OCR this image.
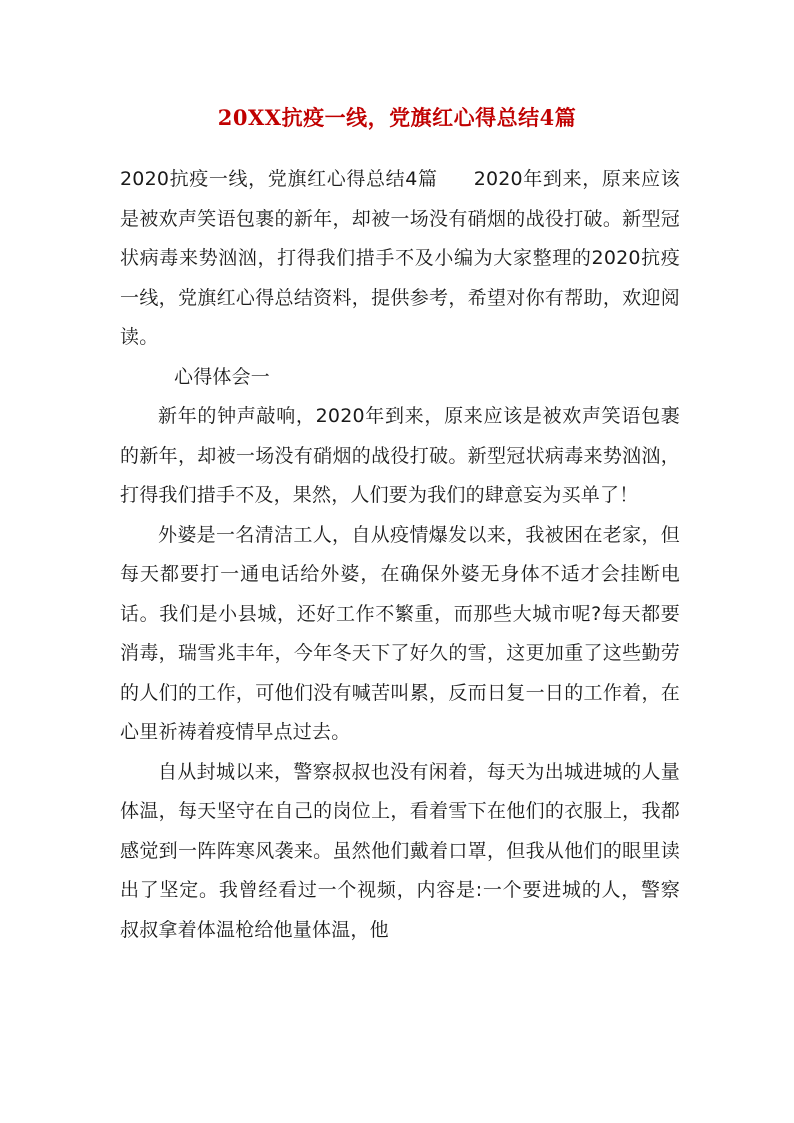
20XX抗疫一线，党旗红心得总结4篇

2020抗疫一线，党旗红心得总结4篇 2020年到来，原来应该是被欢声笑语包裹的新年，却被一场没有硝烟的战役打破。新型冠状病毒来势汹汹，打得我们措手不及小编为大家整理的2020抗疫一线，党旗红心得总结资料，提供参考，希望对你有帮助，欢迎阅读。

心得体会一

新年的钟声敲响，2020年到来，原来应该是被欢声笑语包裹的新年，却被一场没有硝烟的战役打破。新型冠状病毒来势汹汹，打得我们措手不及，果然，人们要为我们的肆意妄为买单了！

外婆是一名清洁工人，自从疫情爆发以来，我被困在老家，但每天都要打一通电话给外婆，在确保外婆无身体不适才会挂断电话。我们是小县城，还好工作不繁重，而那些大城市呢?每天都要消毒，瑞雪兆丰年，今年冬天下了好久的雪，这更加重了这些勤劳的人们的工作，可他们没有喊苦叫累，反而日复一日的工作着，在心里祈祷着疫情早点过去。

自从封城以来，警察叔叔也没有闲着，每天为出城进城的人量体温，每天坚守在自己的岗位上，看着雪下在他们的衣服上，我都感觉到一阵阵寒风袭来。虽然他们戴着口罩，但我从他们的眼里读出了坚定。我曾经看过一个视频，内容是:一个要进城的人，警察叔叔拿着体温枪给他量体温，他
